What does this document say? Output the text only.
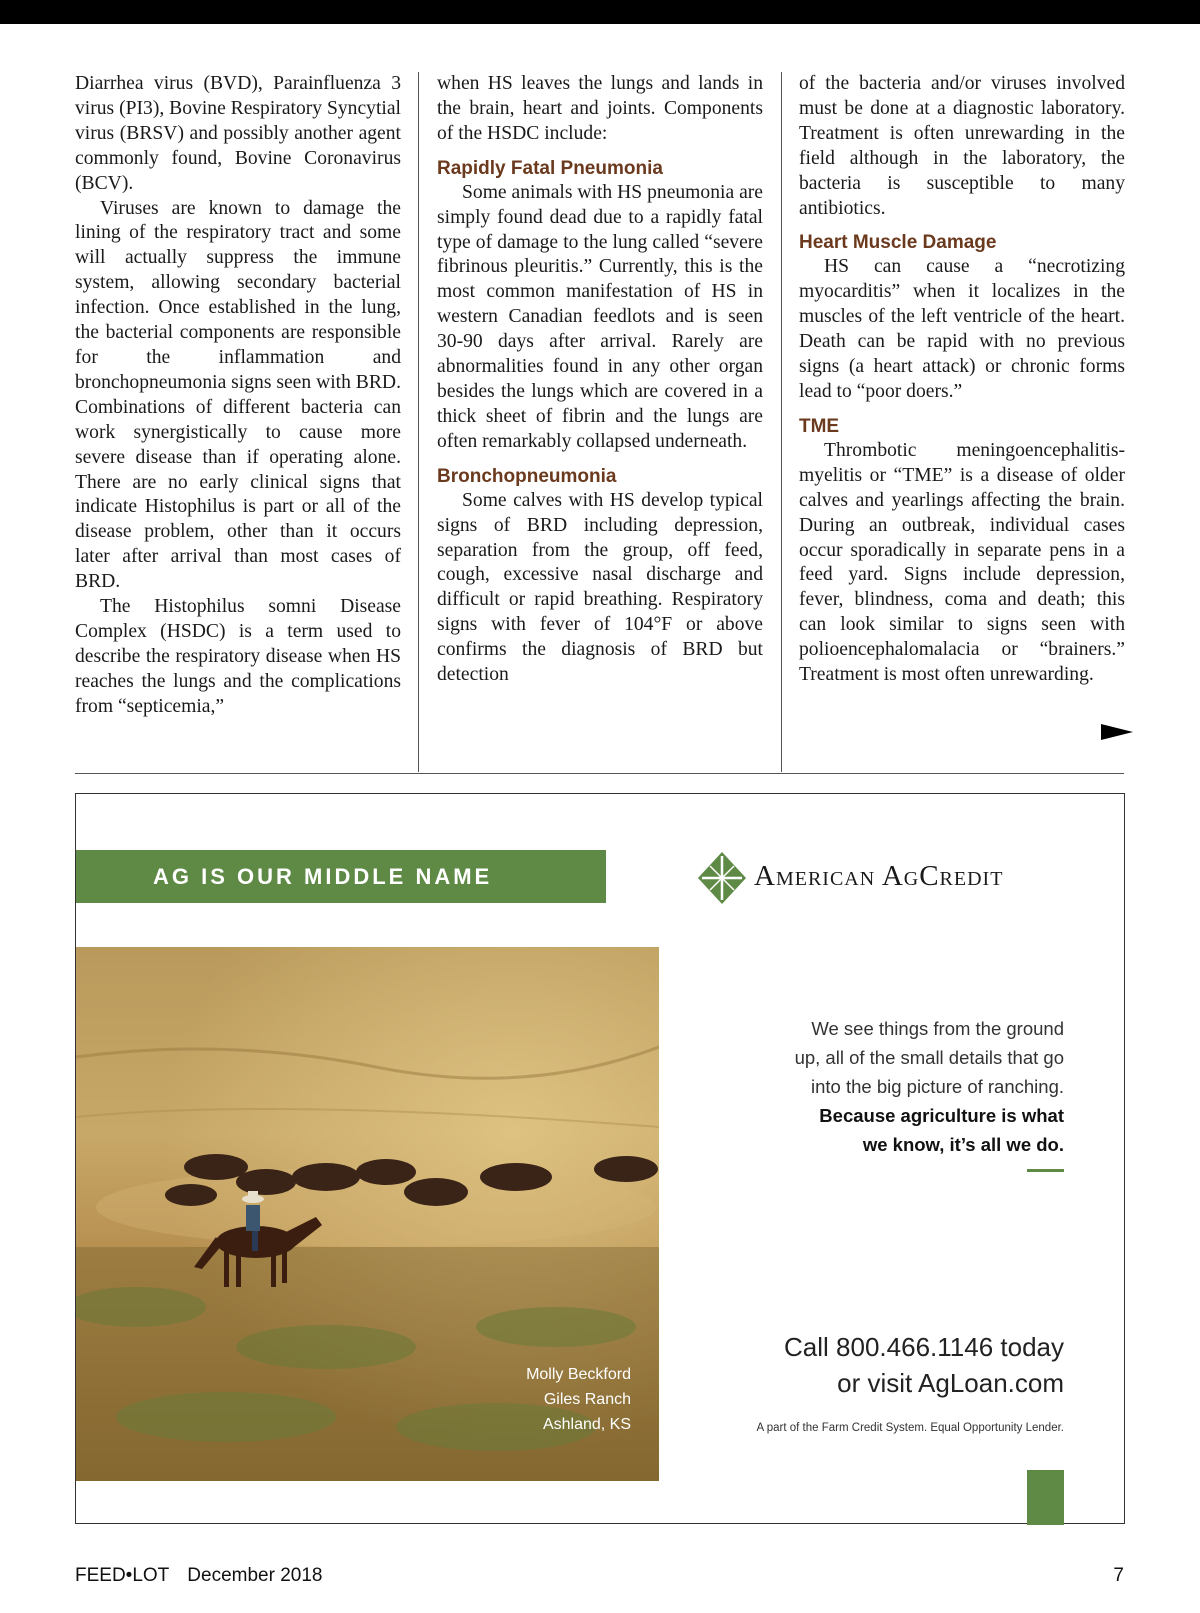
Diarrhea virus (BVD), Parainfluenza 3 virus (PI3), Bovine Respiratory Syncytial virus (BRSV) and possibly another agent commonly found, Bovine Coronavirus (BCV).

Viruses are known to damage the lining of the respiratory tract and some will actually suppress the immune system, allowing secondary bacterial infection. Once established in the lung, the bacterial components are responsible for the inflammation and bronchopneumonia signs seen with BRD. Combinations of different bacteria can work synergistically to cause more severe disease than if operating alone. There are no early clinical signs that indicate Histophilus is part or all of the disease problem, other than it occurs later after arrival than most cases of BRD.

The Histophilus somni Disease Complex (HSDC) is a term used to describe the respiratory disease when HS reaches the lungs and the complications from “septicemia,”

when HS leaves the lungs and lands in the brain, heart and joints. Components of the HSDC include:

Rapidly Fatal Pneumonia

Some animals with HS pneumonia are simply found dead due to a rapidly fatal type of damage to the lung called “severe fibrinous pleuritis.” Currently, this is the most common manifestation of HS in western Canadian feedlots and is seen 30-90 days after arrival. Rarely are abnormalities found in any other organ besides the lungs which are covered in a thick sheet of fibrin and the lungs are often remarkably collapsed underneath.

Bronchopneumonia

Some calves with HS develop typical signs of BRD including depression, separation from the group, off feed, cough, excessive nasal discharge and difficult or rapid breathing. Respiratory signs with fever of 104°F or above confirms the diagnosis of BRD but detection

of the bacteria and/or viruses involved must be done at a diagnostic laboratory. Treatment is often unrewarding in the field although in the laboratory, the bacteria is susceptible to many antibiotics.

Heart Muscle Damage

HS can cause a “necrotizing myocarditis” when it localizes in the muscles of the left ventricle of the heart. Death can be rapid with no previous signs (a heart attack) or chronic forms lead to “poor doers.”

TME

Thrombotic meningoencephalitis-myelitis or “TME” is a disease of older calves and yearlings affecting the brain. During an outbreak, individual cases occur sporadically in separate pens in a feed yard. Signs include depression, fever, blindness, coma and death; this can look similar to signs seen with polioencephalomalacia or “brainers.” Treatment is most often unrewarding.

AG IS OUR MIDDLE NAME	American AgCredit
Molly Beckford
Giles Ranch
Ashland, KS
We see things from the ground
up, all of the small details that go
into the big picture of ranching.
Because agriculture is what
we know, it’s all we do.
Call 800.466.1146 today
or visit AgLoan.com
A part of the Farm Credit System. Equal Opportunity Lender.
FEED•LOT December 2018	7
